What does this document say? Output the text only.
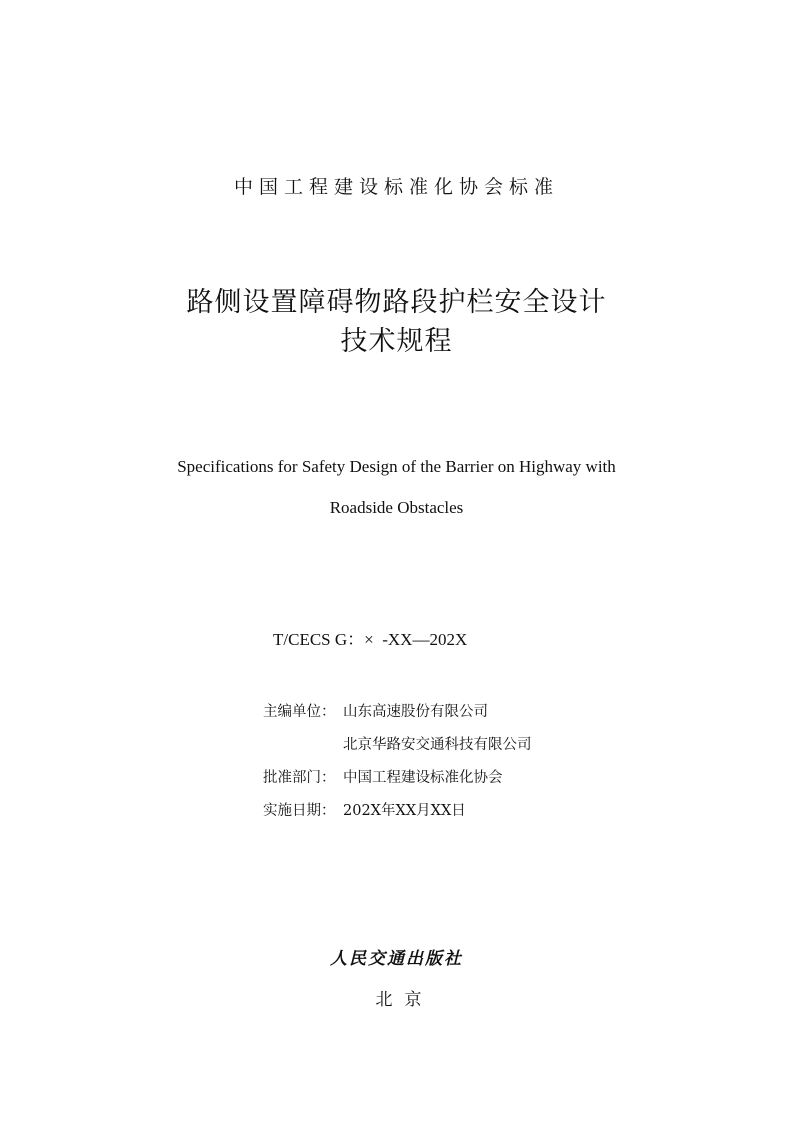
中国工程建设标准化协会标准
路侧设置障碍物路段护栏安全设计
技术规程
Specifications for Safety Design of the Barrier on Highway with
Roadside Obstacles
T/CECS G：×  -XX—202X
主编单位： 山东高速股份有限公司
北京华路安交通科技有限公司
批准部门： 中国工程建设标准化协会
实施日期： 202X年XX月XX日
人民交通出版社
北京
